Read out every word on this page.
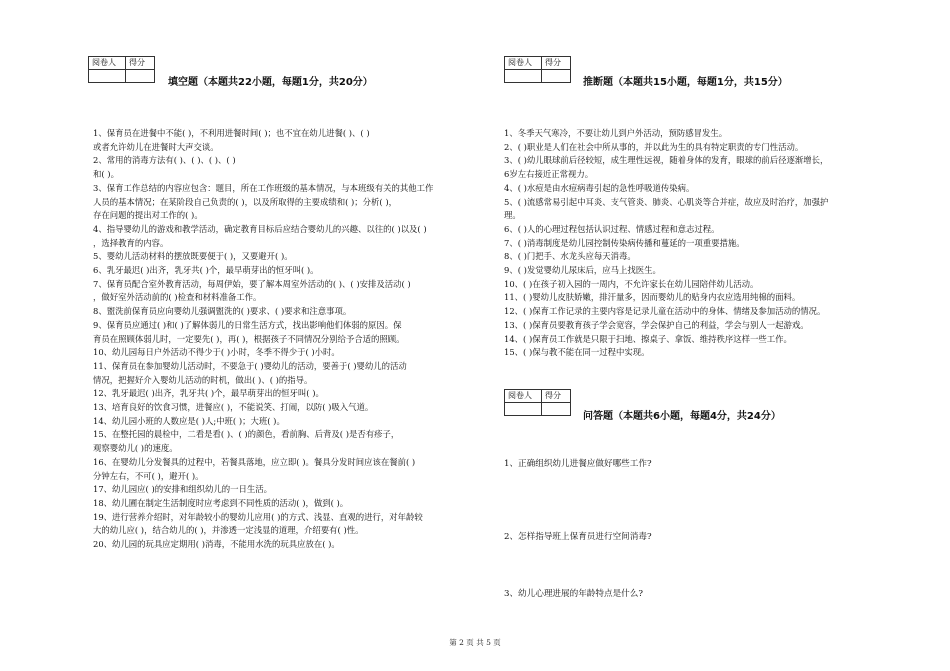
阅卷人	得分

填空题（本题共22小题，每题1分，共20分）

1、保育员在进餐中不能( )，不利用进餐时间( )；也不宜在幼儿进餐( )、( )

或者允许幼儿在进餐时大声交谈。

2、常用的消毒方法有( )、( )、( )、( )

和( )。

3、保育工作总结的内容应包含：题目，所在工作班级的基本情况，与本班级有关的其他工作

人员的基本情况；在某阶段自己负责的( )，以及所取得的主要成绩和( )；分析( )，

存在问题的提出对工作的( )。

4、指导婴幼儿的游戏和教学活动，确定教育目标后应结合婴幼儿的兴趣、以往的( )以及( )

，选择教育的内容。

5、婴幼儿活动材料的摆放既要便于( )，又要避开( )。

6、乳牙最迟( )出齐，乳牙共( )个，最早萌芽出的恒牙叫( )。

7、保育员配合室外教育活动，每周伊始，要了解本周室外活动的( )、( )安排及活动( )

，做好室外活动前的( )检查和材料准备工作。

8、盥洗前保育员应向婴幼儿强调盥洗的( )要求、( )要求和注意事项。

9、保育员应通过( )和( )了解体弱儿的日常生活方式，找出影响他们体弱的原因。保

育员在照顾体弱儿时，一定要先( )，再( )，根据孩子不同情况分别给予合适的照顾。

10、幼儿园每日户外活动不得少于( )小时，冬季不得少于( )小时。

11、保育员在参加婴幼儿活动时，不要急于( )婴幼儿的活动，要善于( )婴幼儿的活动

情况，把握好介入婴幼儿活动的时机，做出( )、( )的指导。

12、乳牙最迟( )出齐，乳牙共( )个，最早萌芽出的恒牙叫( )。

13、培育良好的饮食习惯，进餐应( )，不能说笑、打闹，以防( )吸入气道。

14、幼儿园小班的人数应是( )人;中班( )；大班( )。

15、在整托园的晨检中，二看是看( )、( )的颜色，看前胸、后背及( )是否有疹子，

观察婴幼儿( )的速度。

16、在婴幼儿分发餐具的过程中，若餐具落地，应立即( )。餐具分发时间应该在餐前( )

分钟左右，不可( )，避开( )。

17、幼儿园应( )的安排和组织幼儿的一日生活。

18、幼儿圃在制定生活制度时应考虑到不同性质的活动( )，做到( )。

19、进行营养介绍时，对年龄较小的婴幼儿应用( )的方式、浅显、直观的进行，对年龄较

大的幼儿应( )，结合幼儿的( )，并渗透一定浅显的道理，介绍要有( )性。

20、幼儿园的玩具应定期用( )消毒，不能用水洗的玩具应放在( )。

阅卷人	得分

推断题（本题共15小题，每题1分，共15分）

1、冬季天气寒冷，不要让幼儿到户外活动，预防感冒发生。

2、( )职业是人们在社会中所从事的，并以此为生的具有特定职责的专门性活动。

3、( )幼儿眼球前后径较短，成生理性远视，随着身体的发育，眼球的前后径逐渐增长，

6岁左右接近正常视力。

4、( )水痘是由水痘病毒引起的急性呼吸道传染病。

5、( )流感常易引起中耳炎、支气管炎、肺炎、心肌炎等合并症，故应及时治疗，加强护

理。

6、( )人的心理过程包括认识过程、情感过程和意志过程。

7、( )消毒制度是幼儿园控制传染病传播和蔓延的一项重要措施。

8、( )门把手、水龙头应每天消毒。

9、( )发觉婴幼儿尿床后，应马上找医生。

10、( )在孩子初入园的一周内，不允许家长在幼儿园陪伴幼儿活动。

11、( )婴幼儿皮肤娇嫩，排汗量多，因而婴幼儿的贴身内衣应选用纯棉的面料。

12、( )保育工作记录的主要内容是记录儿童在活动中的身体、情绪及参加活动的情况。

13、( )保育员要教育孩子学会宽容，学会保护自己的利益，学会与别人一起游戏。

14、( )保育员工作就是只限于扫地、擦桌子、拿饭、维持秩序这样一些工作。

15、( )保与教不能在同一过程中实现。

阅卷人	得分

问答题（本题共6小题，每题4分，共24分）
1、正确组织幼儿进餐应做好哪些工作?
2、怎样指导班上保育员进行空间消毒?
3、幼儿心理进展的年龄特点是什么?
第 2 页 共 5 页
